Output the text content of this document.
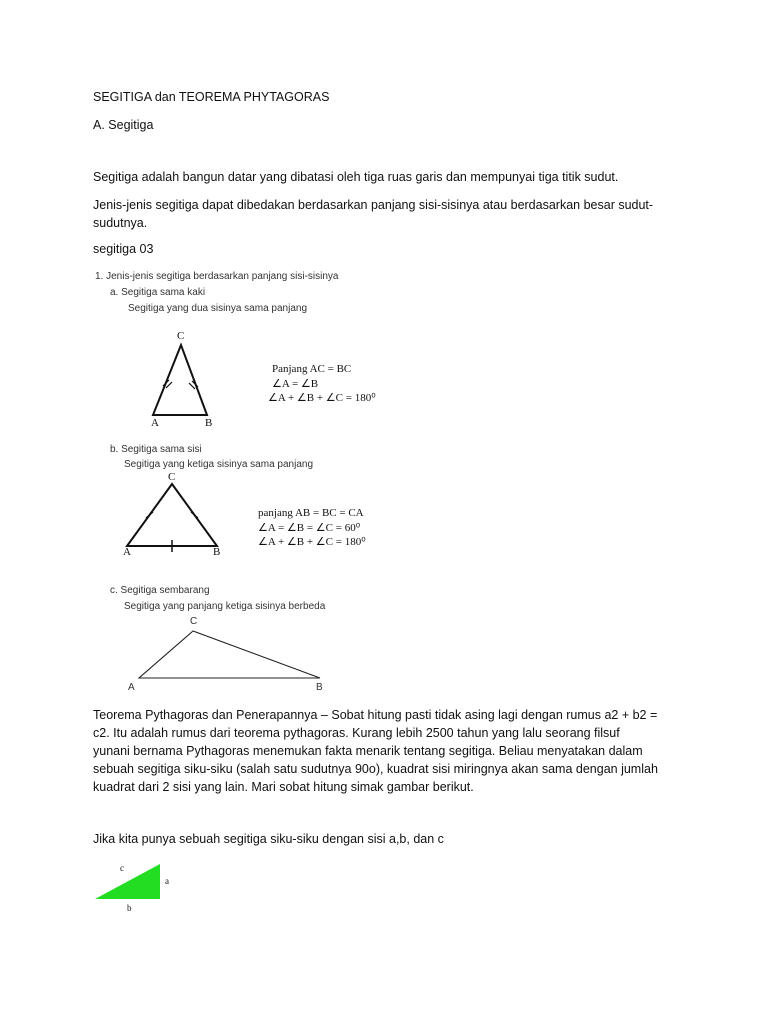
SEGITIGA dan TEOREMA PHYTAGORAS
A. Segitiga
Segitiga adalah bangun datar yang dibatasi oleh tiga ruas garis dan mempunyai tiga titik sudut.
Jenis-jenis segitiga dapat dibedakan berdasarkan panjang sisi-sisinya atau berdasarkan besar sudut-
sudutnya.
segitiga 03
1. Jenis-jenis segitiga berdasarkan panjang sisi-sisinya
a. Segitiga sama kaki
Segitiga yang dua sisinya sama panjang
C
A	B
Panjang AC = BC
∠A = ∠B
∠A + ∠B + ∠C = 180⁰
b. Segitiga sama sisi
Segitiga yang ketiga sisinya sama panjang
C
A	B
panjang AB = BC = CA
∠A = ∠B = ∠C = 60⁰
∠A + ∠B + ∠C = 180⁰
c. Segitiga sembarang
Segitiga yang panjang ketiga sisinya berbeda
C
A	B
Teorema Pythagoras dan Penerapannya – Sobat hitung pasti tidak asing lagi dengan rumus a2 + b2 =
c2. Itu adalah rumus dari teorema pythagoras. Kurang lebih 2500 tahun yang lalu seorang filsuf
yunani bernama Pythagoras menemukan fakta menarik tentang segitiga. Beliau menyatakan dalam
sebuah segitiga siku-siku (salah satu sudutnya 90o), kuadrat sisi miringnya akan sama dengan jumlah
kuadrat dari 2 sisi yang lain. Mari sobat hitung simak gambar berikut.
Jika kita punya sebuah segitiga siku-siku dengan sisi a,b, dan c
c
a
b
